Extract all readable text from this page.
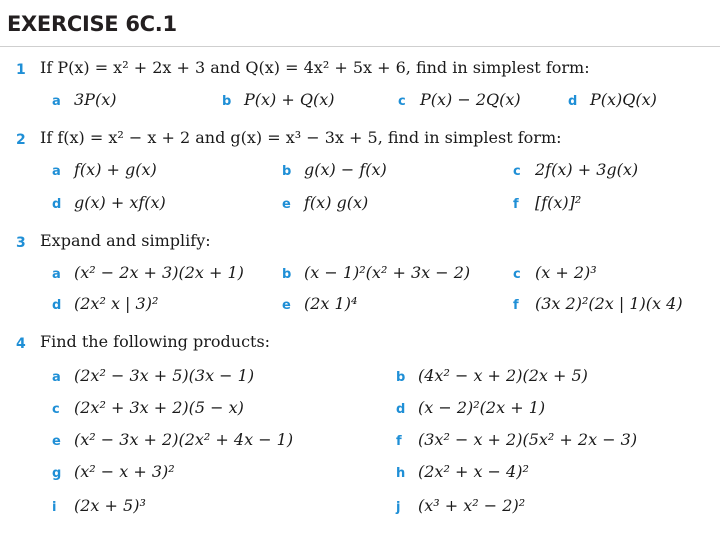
EXERCISE 6C.1
1 If P(x) = x² + 2x + 3 and Q(x) = 4x² + 5x + 6, find in simplest form:
a 3P(x)	b P(x) + Q(x)	c P(x) − 2Q(x)	d P(x)Q(x)
2 If f(x) = x² − x + 2 and g(x) = x³ − 3x + 5, find in simplest form:
a f(x) + g(x)	b g(x) − f(x)	c 2f(x) + 3g(x)
d g(x) + xf(x)	e f(x) g(x)	f [f(x)]²
3 Expand and simplify:
a (x² − 2x + 3)(2x + 1)	b (x − 1)²(x² + 3x − 2)	c (x + 2)³
d (2x² x | 3)²	e (2x 1)⁴	f (3x 2)²(2x | 1)(x 4)
4 Find the following products:
a (2x² − 3x + 5)(3x − 1)	b (4x² − x + 2)(2x + 5)
c (2x² + 3x + 2)(5 − x)	d (x − 2)²(2x + 1)
e (x² − 3x + 2)(2x² + 4x − 1)	f (3x² − x + 2)(5x² + 2x − 3)
g (x² − x + 3)²	h (2x² + x − 4)²
i (2x + 5)³	j (x³ + x² − 2)²
